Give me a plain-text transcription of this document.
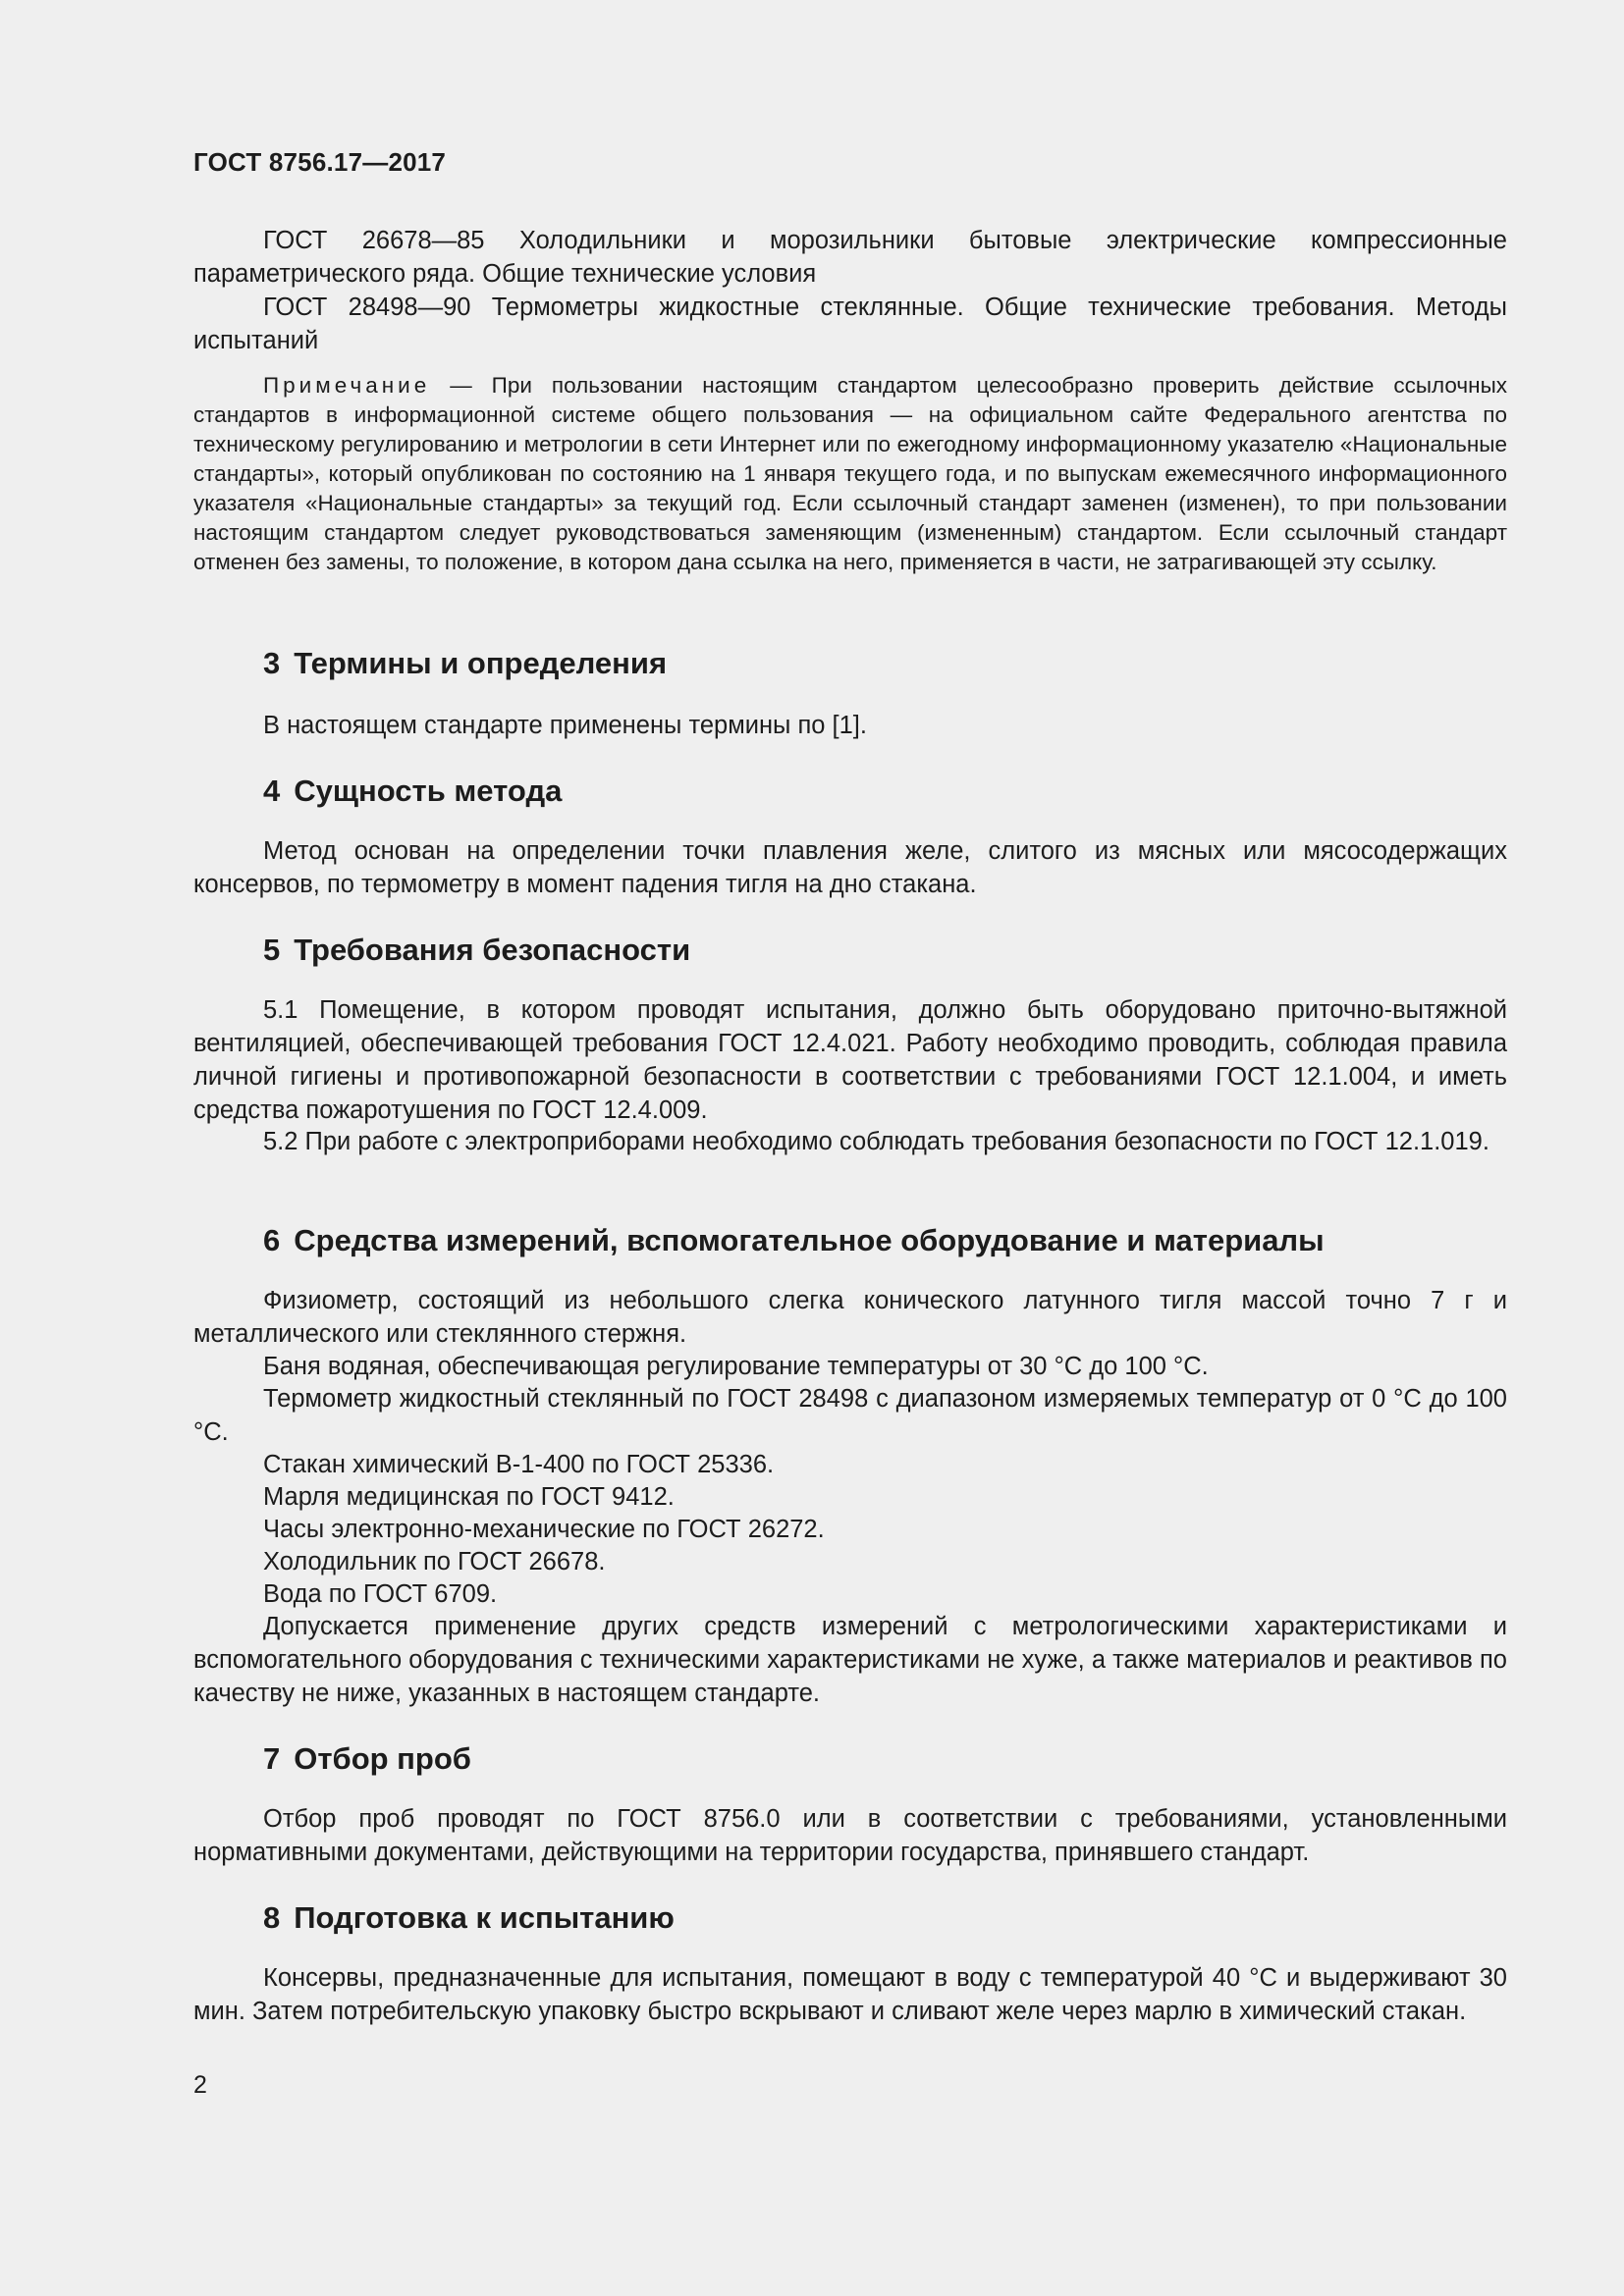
ГОСТ 8756.17—2017

ГОСТ 26678—85 Холодильники и морозильники бытовые электрические компрессионные параметрического ряда. Общие технические условия

ГОСТ 28498—90 Термометры жидкостные стеклянные. Общие технические требования. Методы испытаний

Примечание — При пользовании настоящим стандартом целесообразно проверить действие ссылочных стандартов в информационной системе общего пользования — на официальном сайте Федерального агентства по техническому регулированию и метрологии в сети Интернет или по ежегодному информационному указателю «Национальные стандарты», который опубликован по состоянию на 1 января текущего года, и по выпускам ежемесячного информационного указателя «Национальные стандарты» за текущий год. Если ссылочный стандарт заменен (изменен), то при пользовании настоящим стандартом следует руководствоваться заменяющим (измененным) стандартом. Если ссылочный стандарт отменен без замены, то положение, в котором дана ссылка на него, применяется в части, не затрагивающей эту ссылку.

3 Термины и определения

В настоящем стандарте применены термины по [1].

4 Сущность метода

Метод основан на определении точки плавления желе, слитого из мясных или мясосодержащих консервов, по термометру в момент падения тигля на дно стакана.

5 Требования безопасности

5.1 Помещение, в котором проводят испытания, должно быть оборудовано приточно-вытяжной вентиляцией, обеспечивающей требования ГОСТ 12.4.021. Работу необходимо проводить, соблюдая правила личной гигиены и противопожарной безопасности в соответствии с требованиями ГОСТ 12.1.004, и иметь средства пожаротушения по ГОСТ 12.4.009.

5.2 При работе с электроприборами необходимо соблюдать требования безопасности по ГОСТ 12.1.019.

6 Средства измерений, вспомогательное оборудование и материалы

Физиометр, состоящий из небольшого слегка конического латунного тигля массой точно 7 г и металлического или стеклянного стержня.

Баня водяная, обеспечивающая регулирование температуры от 30 °С до 100 °С.

Термометр жидкостный стеклянный по ГОСТ 28498 с диапазоном измеряемых температур от 0 °С до 100 °С.

Стакан химический В-1-400 по ГОСТ 25336.

Марля медицинская по ГОСТ 9412.

Часы электронно-механические по ГОСТ 26272.

Холодильник по ГОСТ 26678.

Вода по ГОСТ 6709.

Допускается применение других средств измерений с метрологическими характеристиками и вспомогательного оборудования с техническими характеристиками не хуже, а также материалов и реактивов по качеству не ниже, указанных в настоящем стандарте.

7 Отбор проб

Отбор проб проводят по ГОСТ 8756.0 или в соответствии с требованиями, установленными нормативными документами, действующими на территории государства, принявшего стандарт.

8 Подготовка к испытанию

Консервы, предназначенные для испытания, помещают в воду с температурой 40 °С и выдерживают 30 мин. Затем потребительскую упаковку быстро вскрывают и сливают желе через марлю в химический стакан.

2
